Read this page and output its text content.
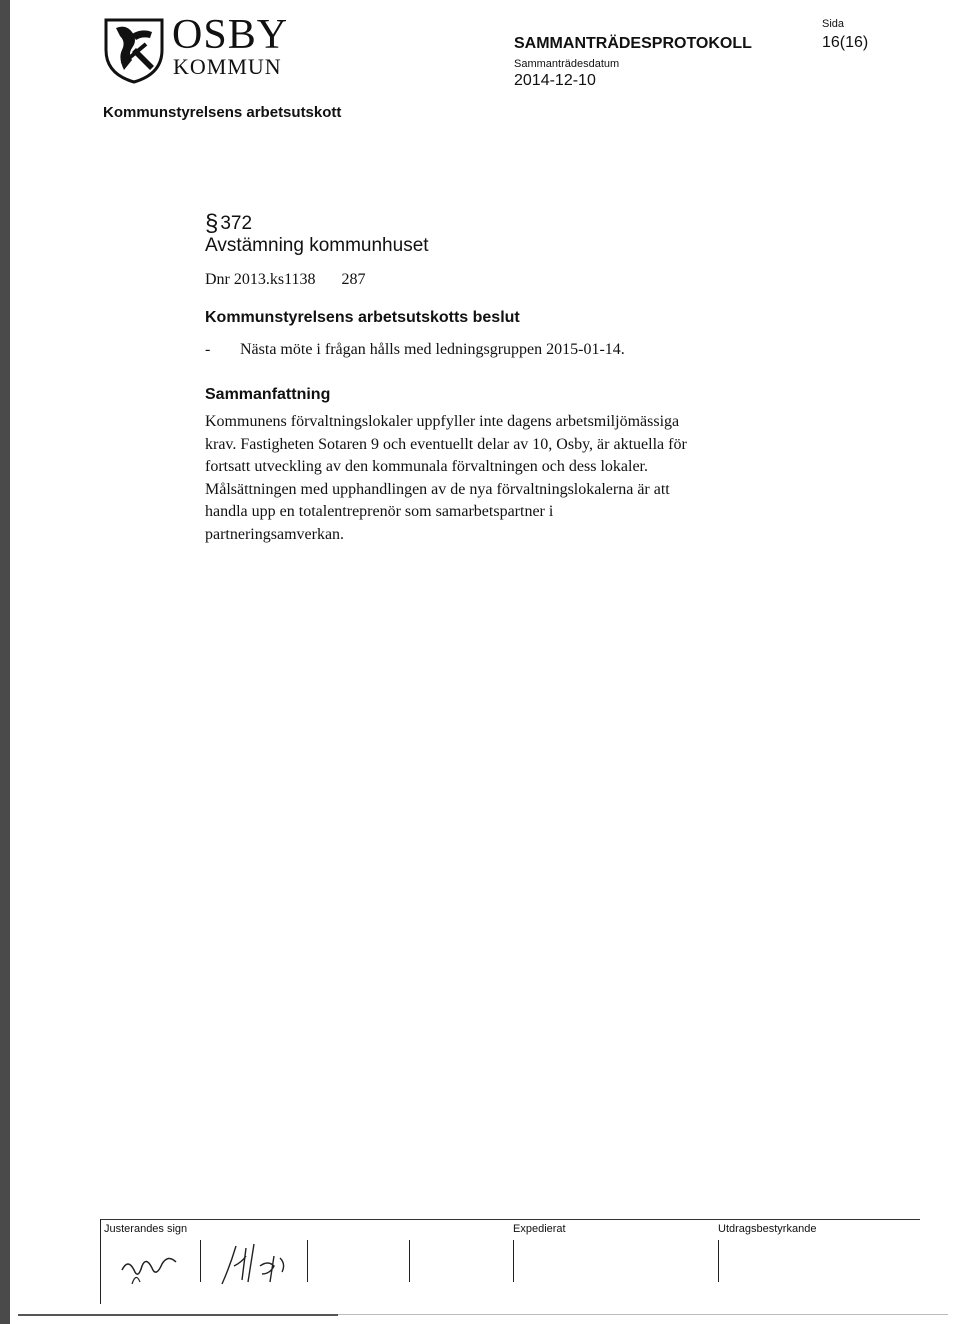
OSBY
KOMMUN
SAMMANTRÄDESPROTOKOLL
Sammanträdesdatum
2014-12-10
Sida
16(16)
Kommunstyrelsens arbetsutskott
§ 372
Avstämning kommunhuset
Dnr 2013.ks1138 287
Kommunstyrelsens arbetsutskotts beslut
- Nästa möte i frågan hålls med ledningsgruppen 2015-01-14.
Sammanfattning

Kommunens förvaltningslokaler uppfyller inte dagens arbetsmiljömässiga

krav. Fastigheten Sotaren 9 och eventuellt delar av 10, Osby, är aktuella för

fortsatt utveckling av den kommunala förvaltningen och dess lokaler.

Målsättningen med upphandlingen av de nya förvaltningslokalerna är att

handla upp en totalentreprenör som samarbetspartner i

partneringsamverkan.

Justerandes sign	Expedierat	Utdragsbestyrkande
